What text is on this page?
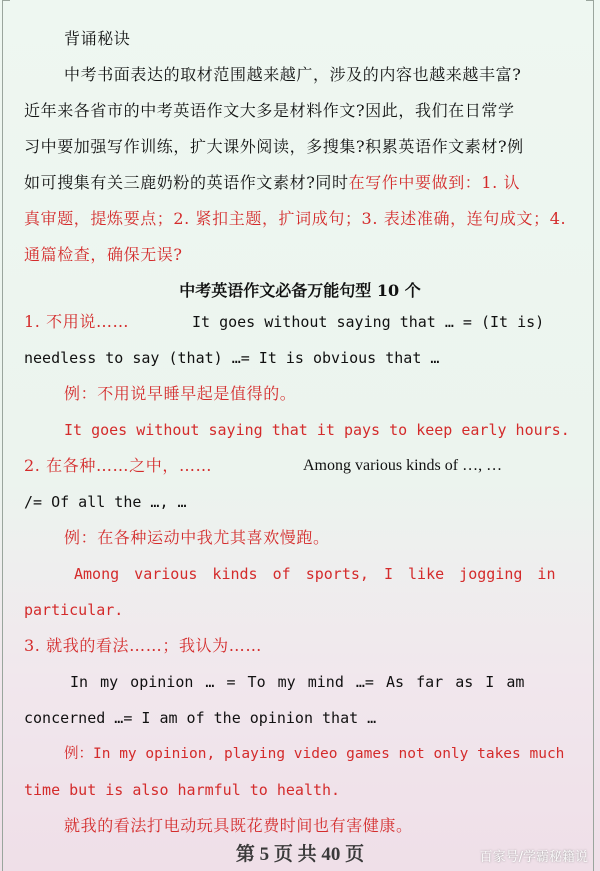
背诵秘诀
中考书面表达的取材范围越来越广，涉及的内容也越来越丰富?
近年来各省市的中考英语作文大多是材料作文?因此，我们在日常学
习中要加强写作训练，扩大课外阅读，多搜集?积累英语作文素材?例
如可搜集有关三鹿奶粉的英语作文素材?同时在写作中要做到：1. 认
真审题，提炼要点；2. 紧扣主题，扩词成句；3. 表述准确，连句成文；4.
通篇检查，确保无误?
中考英语作文必备万能句型 10 个
1. 不用说……	It goes without saying that … = (It is)
needless to say (that) …= It is obvious that …
例：不用说早睡早起是值得的。
It goes without saying that it pays to keep early hours.
2. 在各种……之中，……	Among various kinds of …, …
/= Of all the …, …
例：在各种运动中我尤其喜欢慢跑。
Among various kinds of sports, I like jogging in
particular.
3. 就我的看法……；我认为……
In my opinion … = To my mind …= As far as I am
concerned …= I am of the opinion that …
例：In my opinion, playing video games not only takes much
time but is also harmful to health.
就我的看法打电动玩具既花费时间也有害健康。
第 5 页 共 40 页	百家号/学霸秘籍说
